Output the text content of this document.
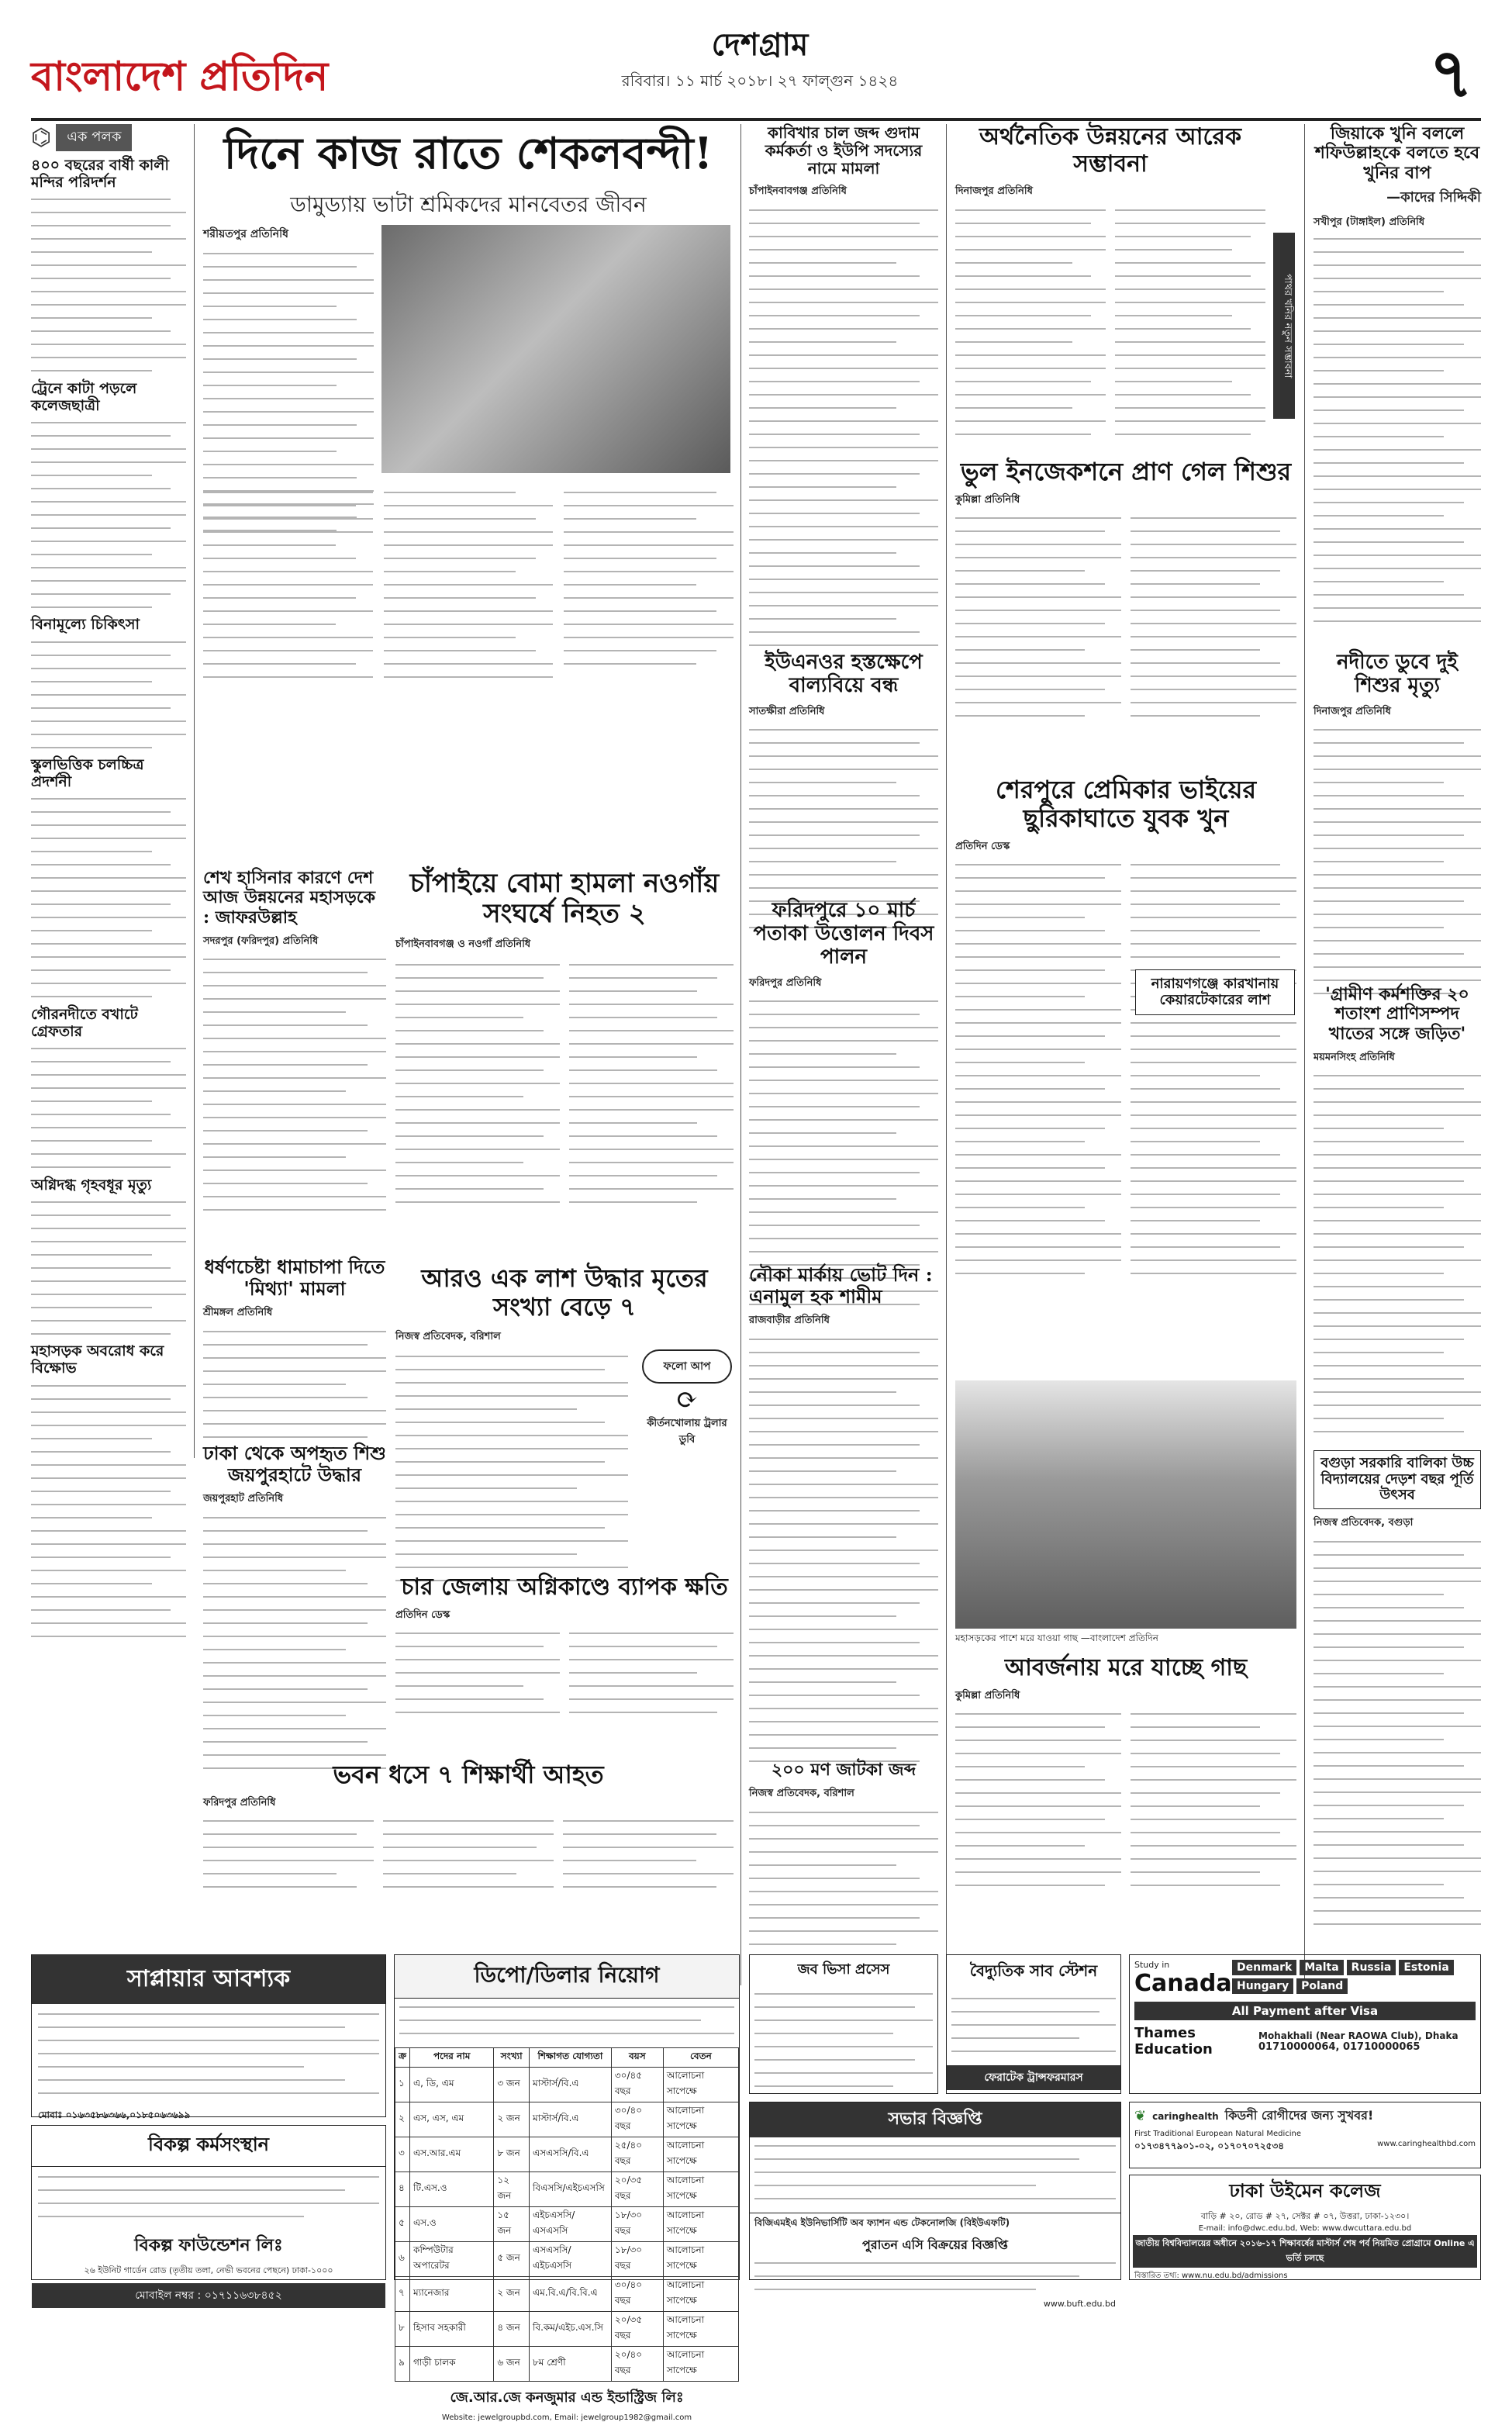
বাংলাদেশ প্রতিদিন
দেশগ্রাম
রবিবার। ১১ মার্চ ২০১৮। ২৭ ফাল্গুন ১৪২৪	৭
⌬	এক পলক
৪০০ বছরের বার্ষী কালী মন্দির পরিদর্শন
ট্রেনে কাটা পড়লে কলেজছাত্রী
বিনামূল্যে চিকিৎসা
স্কুলভিত্তিক চলচ্চিত্র প্রদর্শনী
গৌরনদীতে বখাটে গ্রেফতার
অগ্নিদগ্ধ গৃহবধূর মৃত্যু
মহাসড়ক অবরোধ করে বিক্ষোভ
দিনে কাজ রাতে শেকলবন্দী!
ডামুড্যায় ভাটা শ্রমিকদের মানবেতর জীবন
শরীয়তপুর প্রতিনিধি
শেখ হাসিনার কারণে দেশ আজ উন্নয়নের মহাসড়কে : জাফরউল্লাহ
সদরপুর (ফরিদপুর) প্রতিনিধি
চাঁপাইয়ে বোমা হামলা নওগাঁয় সংঘর্ষে নিহত ২
চাঁপাইনবাবগঞ্জ ও নওগাঁ প্রতিনিধি
ধর্ষণচেষ্টা ধামাচাপা দিতে 'মিথ্যা' মামলা
শ্রীমঙ্গল প্রতিনিধি
ঢাকা থেকে অপহৃত শিশু জয়পুরহাটে উদ্ধার
জয়পুরহাট প্রতিনিধি
আরও এক লাশ উদ্ধার মৃতের সংখ্যা বেড়ে ৭
নিজস্ব প্রতিবেদক, বরিশাল
ফলো আপ
⟳
কীর্তনখোলায় ট্রলার ডুবি
চার জেলায় অগ্নিকাণ্ডে ব্যাপক ক্ষতি
প্রতিদিন ডেস্ক
ভবন ধসে ৭ শিক্ষার্থী আহত
ফরিদপুর প্রতিনিধি
কাবিখার চাল জব্দ গুদাম কর্মকর্তা ও ইউপি সদস্যের নামে মামলা
চাঁপাইনবাবগঞ্জ প্রতিনিধি
ইউএনওর হস্তক্ষেপে বাল্যবিয়ে বন্ধ
সাতক্ষীরা প্রতিনিধি
ফরিদপুরে ১০ মার্চ পতাকা উত্তোলন দিবস পালন
ফরিদপুর প্রতিনিধি
নৌকা মার্কায় ভোট দিন : এনামুল হক শামীম
রাজবাড়ীর প্রতিনিধি
২০০ মণ জাটকা জব্দ
নিজস্ব প্রতিবেদক, বরিশাল
অর্থনৈতিক উন্নয়নের আরেক সম্ভাবনা
দিনাজপুর প্রতিনিধি
পাথর খনির নতুন সম্ভাবনা
ভুল ইনজেকশনে প্রাণ গেল শিশুর
কুমিল্লা প্রতিনিধি
শেরপুরে প্রেমিকার ভাইয়ের ছুরিকাঘাতে যুবক খুন
প্রতিদিন ডেস্ক
নারায়ণগঞ্জে কারখানায় কেয়ারটেকারের লাশ
মহাসড়কের পাশে মরে যাওয়া গাছ —বাংলাদেশ প্রতিদিন
আবর্জনায় মরে যাচ্ছে গাছ
কুমিল্লা প্রতিনিধি
জিয়াকে খুনি বললে শফিউল্লাহকে বলতে হবে খুনির বাপ
—কাদের সিদ্দিকী
সখীপুর (টাঙ্গাইল) প্রতিনিধি
নদীতে ডুবে দুই শিশুর মৃত্যু
দিনাজপুর প্রতিনিধি
'গ্রামীণ কর্মশক্তির ২০ শতাংশ প্রাণিসম্পদ খাতের সঙ্গে জড়িত'
ময়মনসিংহ প্রতিনিধি
বগুড়া সরকারি বালিকা উচ্চ বিদ্যালয়ের দেড়শ বছর পূর্তি উৎসব
নিজস্ব প্রতিবেদক, বগুড়া
সাপ্লায়ার আবশ্যক
মোবাঃ ০১৬৩৫৮৬৩৬৬,০১৮৫০৬৩৬৯৯
বিকল্প কর্মসংস্থান
বিকল্প ফাউন্ডেশন লিঃ
২৬ ইউনিট গার্ডেন রোড (তৃতীয় তলা, নেভী ভবনের পেছনে) ঢাকা-১০০০
মোবাইল নম্বর : ০১৭১১৬৩৮৪৫২
ডিপো/ডিলার নিয়োগ
ক্র	পদের নাম	সংখ্যা	শিক্ষাগত যোগ্যতা	বয়স	বেতন
১	এ, ডি, এম	৩ জন	মাস্টার্স/বি.এ	৩০/৪৫ বছর	আলোচনা সাপেক্ষে
২	এস, এস, এম	২ জন	মাস্টার্স/বি.এ	৩০/৪০ বছর	আলোচনা সাপেক্ষে
৩	এস.আর.এম	৮ জন	এসএসসি/বি.এ	২৫/৪০ বছর	আলোচনা সাপেক্ষে
৪	টি.এস.ও	১২ জন	বিএসসি/এইচএসসি	২০/৩৫ বছর	আলোচনা সাপেক্ষে
৫	এস.ও	১৫ জন	এইচএসসি/এসএসসি	১৮/৩০ বছর	আলোচনা সাপেক্ষে
৬	কম্পিউটার অপারেটর	৫ জন	এসএসসি/এইচএসসি	১৮/৩০ বছর	আলোচনা সাপেক্ষে
৭	ম্যানেজার	২ জন	এম.বি.এ/বি.বি.এ	৩০/৪০ বছর	আলোচনা সাপেক্ষে
৮	হিসাব সহকারী	৪ জন	বি.কম/এইচ.এস.সি	২০/৩৫ বছর	আলোচনা সাপেক্ষে
৯	গাড়ী চালক	৬ জন	৮ম শ্রেণী	২০/৪০ বছর	আলোচনা সাপেক্ষে
জে.আর.জে কনজুমার এন্ড ইন্ডাস্ট্রিজ লিঃ
Website: jewelgroupbd.com, Email: jewelgroup1982@gmail.com
জব ভিসা প্রসেস	বৈদ্যুতিক সাব স্টেশন
ফেরাটেক ট্রান্সফরমারস
Study in
Canada
Denmark	Malta	Russia	Estonia
Hungary	Poland
All Payment after Visa
Thames Education
Mohakhali (Near RAOWA Club), Dhaka
01710000064, 01710000065
সভার বিজ্ঞপ্তি
বিজিএমইএ ইউনিভার্সিটি অব ফ্যাশন এন্ড টেকনোলজি (বিইউএফটি)
পুরাতন এসি বিক্রয়ের বিজ্ঞপ্তি
www.buft.edu.bd
❦ caringhealth কিডনী রোগীদের জন্য সুখবর!
First Traditional European Natural Medicine
০১৭৩৪৭৭৯০১-০২, ০১৭০৭০৭২৫৩৪	www.caringhealthbd.com
ঢাকা উইমেন কলেজ
বাড়ি # ২০, রোড # ২৭, সেক্টর # ০৭, উত্তরা, ঢাকা-১২৩০।
E-mail: info@dwc.edu.bd, Web: www.dwcuttara.edu.bd
জাতীয় বিশ্ববিদ্যালয়ের অধীনে ২০১৬-১৭ শিক্ষাবর্ষের মাস্টার্স শেষ পর্ব নিয়মিত প্রোগ্রামে Online এ ভর্তি চলছে
বিস্তারিত তথ্য: www.nu.edu.bd/admissions
